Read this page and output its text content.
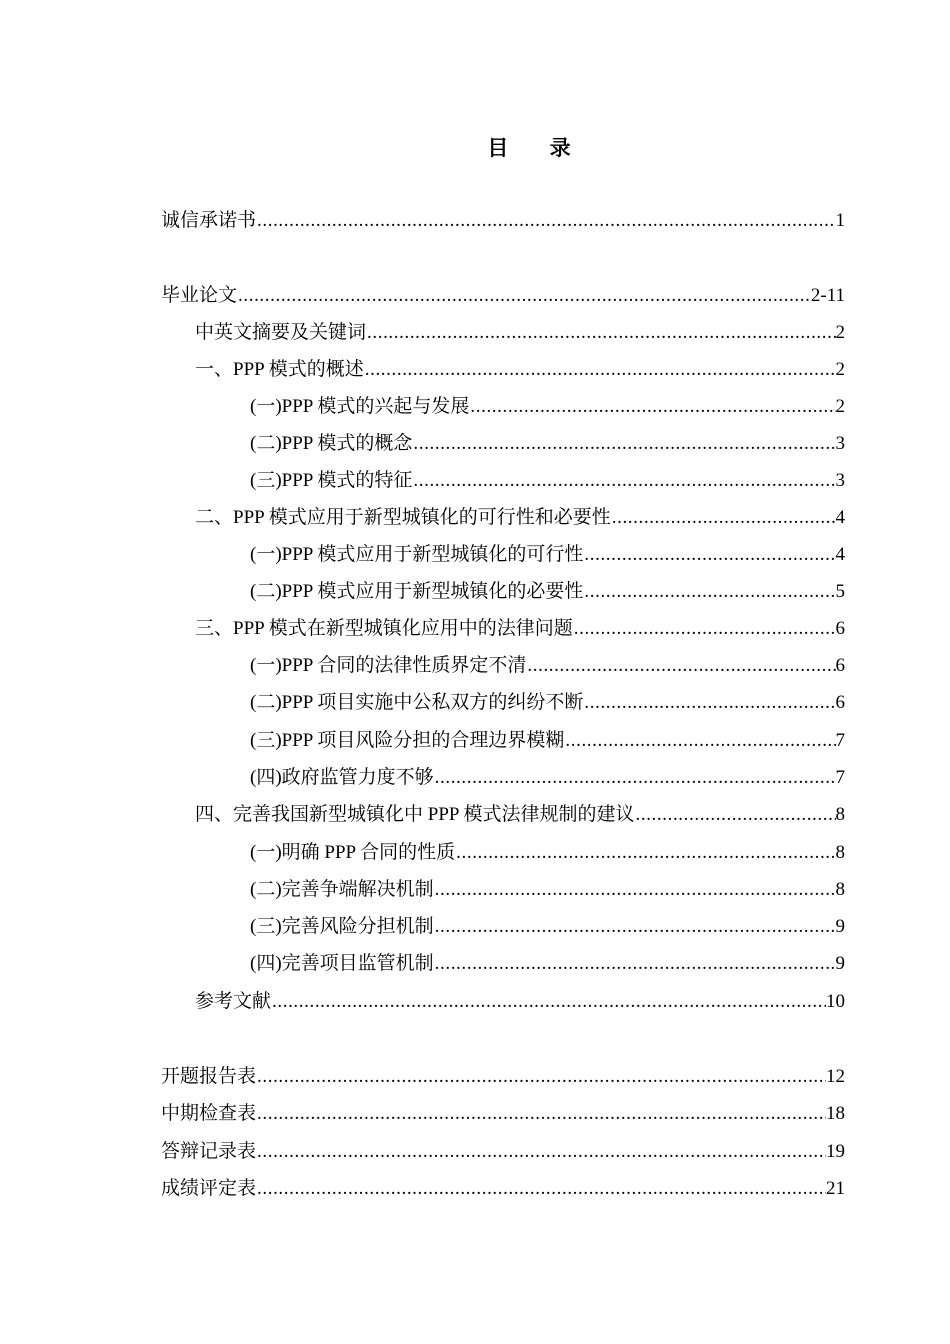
目 录
诚信承诺书 .....	1
毕业论文 .....	2-11
中英文摘要及关键词 .....	2
一、PPP 模式的概述 .....	2
(一)PPP 模式的兴起与发展 .....	2
(二)PPP 模式的概念 .....	3
(三)PPP 模式的特征 .....	3
二、PPP 模式应用于新型城镇化的可行性和必要性 .....	4
(一)PPP 模式应用于新型城镇化的可行性 .....	4
(二)PPP 模式应用于新型城镇化的必要性 .....	5
三、PPP 模式在新型城镇化应用中的法律问题 .....	6
(一)PPP 合同的法律性质界定不清 .....	6
(二)PPP 项目实施中公私双方的纠纷不断 .....	6
(三)PPP 项目风险分担的合理边界模糊 .....	7
(四)政府监管力度不够 .....	7
四、完善我国新型城镇化中 PPP 模式法律规制的建议 .....	8
(一)明确 PPP 合同的性质 .....	8
(二)完善争端解决机制 .....	8
(三)完善风险分担机制 .....	9
(四)完善项目监管机制 .....	9
参考文献 .....	10
开题报告表 .....	12
中期检查表 .....	18
答辩记录表 .....	19
成绩评定表 .....	21
